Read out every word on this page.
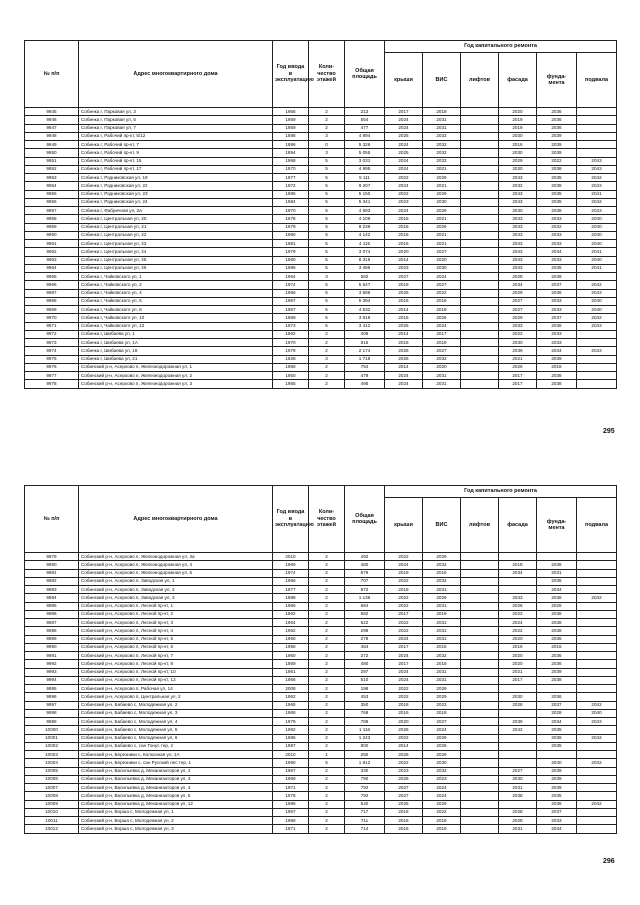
№ п/п	Адрес многоквартирного дома	Год ввода в эксплуатацию	Коли-чество этажей	Общая площадь	Год капитального ремонта					
					крыши	ВИС	лифтов	фасада	фунда-мента	подвала
9945	Собинка г, Парковая ул, 3	1956	2	213	2017	2018		2020	2036	
9946	Собинка г, Парковая ул, 5	1959	2	554	2024	2031		2019	2036	
9947	Собинка г, Парковая ул, 7	1959	2	477	2024	2031		2019	2036	
9948	Собинка г, Рабочий пр-кт, 5/12	1898	3	4 894	2025	2032		2030	2039	
9949	Собинка г, Рабочий пр-кт, 7	1896	0	5 326	2024	2032		2016	2039	
9950	Собинка г, Рабочий пр-кт, 9	1894	3	5 055	2025	2032		2030	2039	
9951	Собинка г, Рабочий пр-кт, 15	1968	5	3 031	2024	2033		2029	2022	2043
9952	Собинка г, Рабочий пр-кт, 17	1970	5	4 995	2024	2021		2030	2038	2043
9953	Собинка г, Родниковская ул, 19	1977	5	5 111	2022	2029		2043	2035	2042
9954	Собинка г, Родниковская ул, 22	1972	5	9 207	2024	2021		2032	2038	2043
9955	Собинка г, Родниковская ул, 23	1985	5	5 150	2022	2029		2043	2035	2041
9956	Собинка г, Родниковская ул, 24	1984	5	5 341	2023	2030		2043	2035	2042
9957	Собинка г, Фабричная ул, 2а	1970	5	4 693	2024	2029		2030	2038	2043
9958	Собинка г, Центральная ул, 20	1978	5	4 109	2015	2021		2043	2033	2040
9959	Собинка г, Центральная ул, 21	1979	5	8 239	2016	2026		2043	2032	2040
9960	Собинка г, Центральная ул, 22	1980	5	4 142	2016	2021		2043	2033	2040
9961	Собинка г, Центральная ул, 23	1981	5	4 115	2016	2021		2043	2033	2040
9962	Собинка г, Центральная ул, 24	1979	5	3 074	2020	2027		2043	2034	2041
9963	Собинка г, Центральная ул, 25	1980	5	8 316	2014	2020		2043	2033	2040
9964	Собинка г, Центральная ул, 26	1986	5	3 486	2023	2030		2043	2035	2041
9965	Собинка г, Чайковского ул, 1	1964	3	582	2027	2024		2028	2039	
9966	Собинка г, Чайковского ул, 2	1974	5	5 647	2019	2027		2034	2037	2042
9967	Собинка г, Чайковского ул, 4	1966	5	3 586	2025	2022		2029	2036	2043
9968	Собинка г, Чайковского ул, 5	1967	5	5 394	2016	2018		2027	2033	2040
9969	Собинка г, Чайковского ул, 8	1967	5	4 532	2014	2018		2027	2033	2040
9970	Собинка г, Чайковского ул, 10	1969	5	3 818	2016	2026		2029	2037	2042
9971	Собинка г, Чайковского ул, 12	1973	5	3 412	2026	2024		2033	2036	2043
9972	Собинка г, Шибаева ул, 1	1962	2	408	2014	2017		2022	2033	
9973	Собинка г, Шибаева ул, 1А	1970	2	815	2016	2019		2030	2033	
9974	Собинка г, Шибаева ул, 18	1979	2	2 174	2026	2027		2039	2034	2043
9975	Собинка г, Шибаева ул, 21	1928	3	1 718	2026	2032		2021	2039	
9976	Собинский р-н, Асерхово п, Железнодорожная ул, 1	1968	2	754	2014	2020		2026	2018	
9977	Собинский р-н, Асерхово п, Железнодорожная ул, 2	1950	2	479	2024	2031		2017	2038	
9978	Собинский р-н, Асерхово п, Железнодорожная ул, 3	1955	2	495	2024	2031		2017	2038	
295
№ п/п	Адрес многоквартирного дома	Год ввода в эксплуатацию	Коли-чество этажей	Общая площадь	Год капитального ремонта					
					крыши	ВИС	лифтов	фасада	фунда-мента	подвала
9979	Собинский р-н, Асерхово п, Железнодорожная ул, 3а	2010	2	492	2022	2029				
9980	Собинский р-н, Асерхово п, Железнодорожная ул, 4	1969	2	480	2024	2032		2018	2038	
9981	Собинский р-н, Асерхово п, Железнодорожная ул, 5	1974	2	879	2019	2015		2034	2031	
9982	Собинский р-н, Асерхово п, Заводская ул, 1	1966	2	707	2022	2032			2035	
9983	Собинский р-н, Асерхово п, Заводская ул, 2	1977	2	872	2019	2031			2034	
9984	Собинский р-н, Асерхово п, Заводская ул, 3	1988	2	1 135	2022	2029		2043	2036	2042
9985	Собинский р-н, Асерхово п, Лесной пр-кт, 1	1966	2	684	2022	2031		2026	2026	
9986	Собинский р-н, Асерхово п, Лесной пр-кт, 2	1962	2	582	2017	2019		2022	2036	
9987	Собинский р-н, Асерхово п, Лесной пр-кт, 3	1964	2	622	2022	2031		2024	2038	
9988	Собинский р-н, Асерхово п, Лесной пр-кт, 4	1962	2	298	2022	2031		2022	2038	
9989	Собинский р-н, Асерхово п, Лесной пр-кт, 5	1960	2	278	2024	2031		2020	2036	
9990	Собинский р-н, Асерхово п, Лесной пр-кт, 6	1958	2	464	2017	2016		2016	2016	
9991	Собинский р-н, Асерхово п, Лесной пр-кт, 7	1960	2	272	2024	2032		2020	2036	
9992	Собинский р-н, Асерхово п, Лесной пр-кт, 8	1959	2	480	2017	2016		2020	2036	
9993	Собинский р-н, Асерхово п, Лесной пр-кт, 10	1961	2	297	2024	2031		2021	2039	
9994	Собинский р-н, Асерхово п, Лесной пр-кт, 12	1956	2	510	2024	2031		2017	2038	
9995	Собинский р-н, Асерхово п, Рабочая ул, 14	2008	2	198	2022	2029				
9996	Собинский р-н, Асерхово п, Центральная ул, 2	1962	2	453	2022	2029		2030	2036	
9997	Собинский р-н, Бабаево с, Молодежная ул, 2	1968	2	350	2018	2023		2028	2037	2042
9998	Собинский р-н, Бабаево с, Молодежная ул, 3	1968	2	768	2016	2018			2028	2040
9999	Собинский р-н, Бабаево с, Молодежная ул, 4	1979	2	786	2020	2027		2039	2034	2043
10000	Собинский р-н, Бабаево с, Молодежная ул, 5	1982	2	1 116	2026	2024		2042	2035	
10001	Собинский р-н, Бабаево с, Молодежная ул, 6	1986	2	1 243	2022	2029			2036	2042
10002	Собинский р-н, Бабаево с, сан Тонус тер, 2	1987	2	800	2014	2026			2035	
10003	Собинский р-н, Березники с, Колхозная ул, 1А	2010	1	250	2026	2029				
10004	Собинский р-н, Березники с, сан Русский лес тер, 1	1990	5	1 812	2022	2030			2040	2042
10005	Собинский р-н, Васильевка д, Механизаторов ул, 2	1967	2	330	2023	2032		2027	2039	
10006	Собинский р-н, Васильевка д, Механизаторов ул, 3	1969	2	790	2026	2023		2030	2039	
10007	Собинский р-н, Васильевка д, Механизаторов ул, 4	1971	2	792	2027	2024		2031	2039	
10008	Собинский р-н, Васильевка д, Механизаторов ул, 5	1978	2	792	2027	2024		2038	2035	
10009	Собинский р-н, Васильевка д, Механизаторов ул, 12	1986	2	540	2025	2029			2036	2042
10010	Собинский р-н, Ворша с, Молодежная ул, 1	1967	2	717	2018	2022		2028	2037	
10011	Собинский р-н, Ворша с, Молодежная ул, 2	1968	2	711	2015	2018		2028	2033	
10012	Собинский р-н, Ворша с, Молодежная ул, 3	1971	2	714	2016	2019		2031	2034	
296
